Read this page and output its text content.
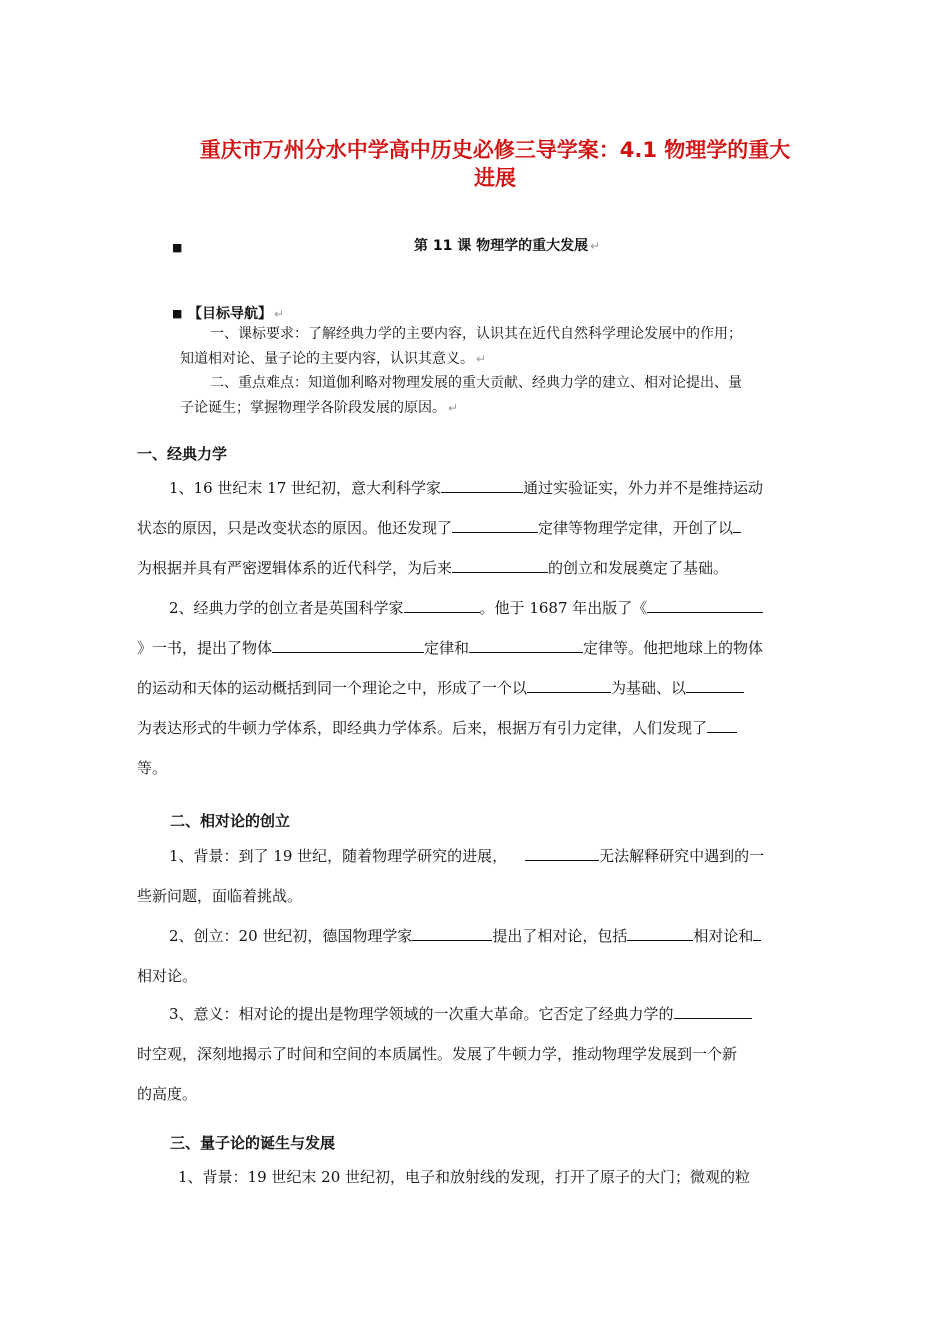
重庆市万州分水中学高中历史必修三导学案：4.1 物理学的重大
进展
■	第 11 课 物理学的重大发展 ↵
■ 【目标导航】 ↵
一、课标要求：了解经典力学的主要内容，认识其在近代自然科学理论发展中的作用；
知道相对论、量子论的主要内容，认识其意义。 ↵
二、重点难点：知道伽利略对物理发展的重大贡献、经典力学的建立、相对论提出、量
子论诞生；掌握物理学各阶段发展的原因。 ↵
一、经典力学
1、16 世纪末 17 世纪初，意大利科学家	通过实验证实，外力并不是维持运动
状态的原因，只是改变状态的原因。他还发现了	定律等物理学定律，开创了以
为根据并具有严密逻辑体系的近代科学，为后来	的创立和发展奠定了基础。
2、经典力学的创立者是英国科学家	。他于 1687 年出版了《
》一书，提出了物体	定律和	定律等。他把地球上的物体
的运动和天体的运动概括到同一个理论之中，形成了一个以	为基础、以
为表达形式的牛顿力学体系，即经典力学体系。后来，根据万有引力定律，人们发现了
等。
二、相对论的创立
1、背景：到了 19 世纪，随着物理学研究的进展，	无法解释研究中遇到的一
些新问题，面临着挑战。
2、创立：20 世纪初，德国物理学家	提出了相对论，包括	相对论和
相对论。
3、意义：相对论的提出是物理学领域的一次重大革命。它否定了经典力学的
时空观，深刻地揭示了时间和空间的本质属性。发展了牛顿力学，推动物理学发展到一个新
的高度。
三、量子论的诞生与发展
1、背景：19 世纪末 20 世纪初，电子和放射线的发现，打开了原子的大门；微观的粒
